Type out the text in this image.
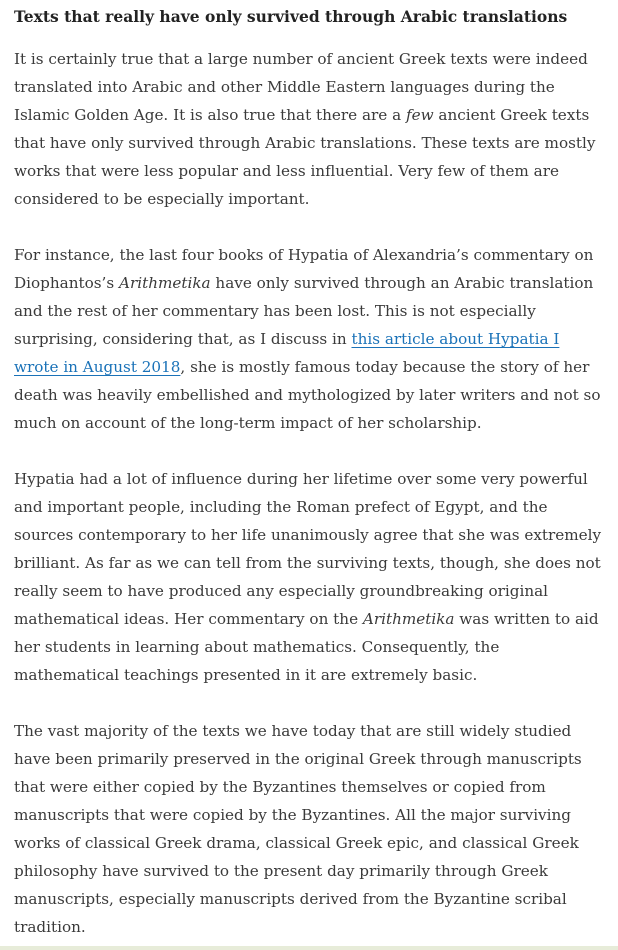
Texts that really have only survived through Arabic translations

It is certainly true that a large number of ancient Greek texts were indeed
translated into Arabic and other Middle Eastern languages during the
Islamic Golden Age. It is also true that there are a few ancient Greek texts
that have only survived through Arabic translations. These texts are mostly
works that were less popular and less influential. Very few of them are
considered to be especially important.

For instance, the last four books of Hypatia of Alexandria’s commentary on
Diophantos’s Arithmetika have only survived through an Arabic translation
and the rest of her commentary has been lost. This is not especially
surprising, considering that, as I discuss in this article about Hypatia I
wrote in August 2018, she is mostly famous today because the story of her
death was heavily embellished and mythologized by later writers and not so
much on account of the long-term impact of her scholarship.

Hypatia had a lot of influence during her lifetime over some very powerful
and important people, including the Roman prefect of Egypt, and the
sources contemporary to her life unanimously agree that she was extremely
brilliant. As far as we can tell from the surviving texts, though, she does not
really seem to have produced any especially groundbreaking original
mathematical ideas. Her commentary on the Arithmetika was written to aid
her students in learning about mathematics. Consequently, the
mathematical teachings presented in it are extremely basic.

The vast majority of the texts we have today that are still widely studied
have been primarily preserved in the original Greek through manuscripts
that were either copied by the Byzantines themselves or copied from
manuscripts that were copied by the Byzantines. All the major surviving
works of classical Greek drama, classical Greek epic, and classical Greek
philosophy have survived to the present day primarily through Greek
manuscripts, especially manuscripts derived from the Byzantine scribal
tradition.
